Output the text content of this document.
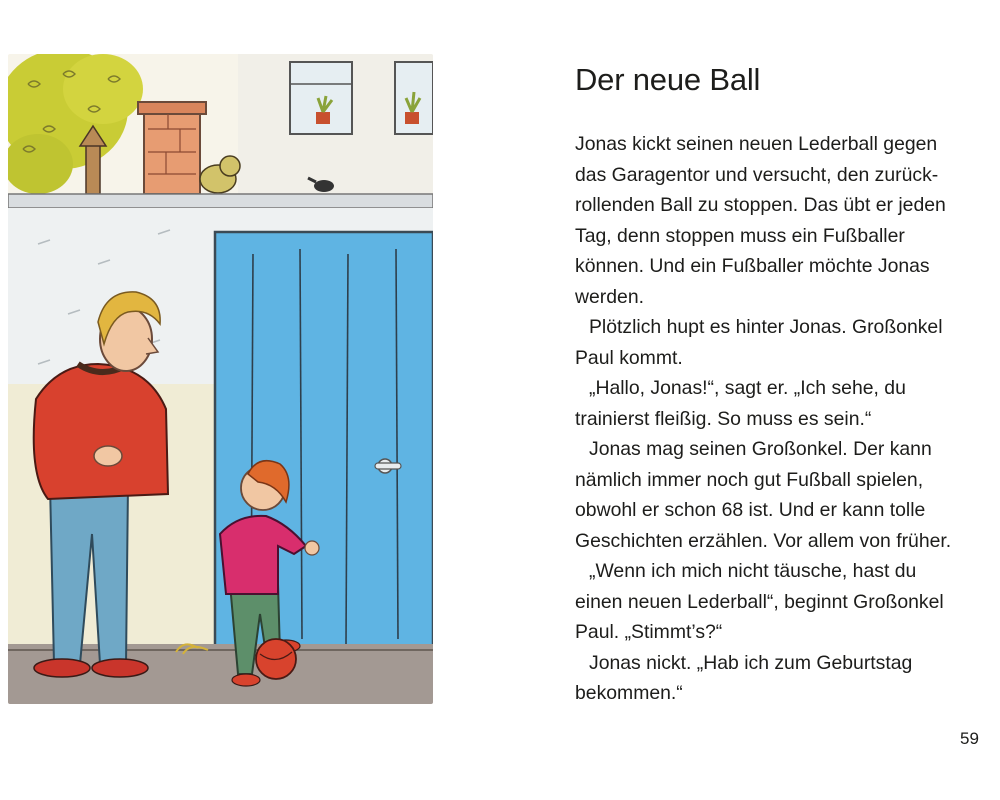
Der neue Ball
Jonas kickt seinen neuen Lederball gegen
das Garagentor und versucht, den zurück-
rollenden Ball zu stoppen. Das übt er jeden
Tag, denn stoppen muss ein Fußballer
können. Und ein Fußballer möchte Jonas
werden.
Plötzlich hupt es hinter Jonas. Großonkel
Paul kommt.
„Hallo, Jonas!“, sagt er. „Ich sehe, du
trainierst fleißig. So muss es sein.“
Jonas mag seinen Großonkel. Der kann
nämlich immer noch gut Fußball spielen,
obwohl er schon 68 ist. Und er kann tolle
Geschichten erzählen. Vor allem von früher.
„Wenn ich mich nicht täusche, hast du
einen neuen Lederball“, beginnt Großonkel
Paul. „Stimmt’s?“
Jonas nickt. „Hab ich zum Geburtstag
bekommen.“
59
